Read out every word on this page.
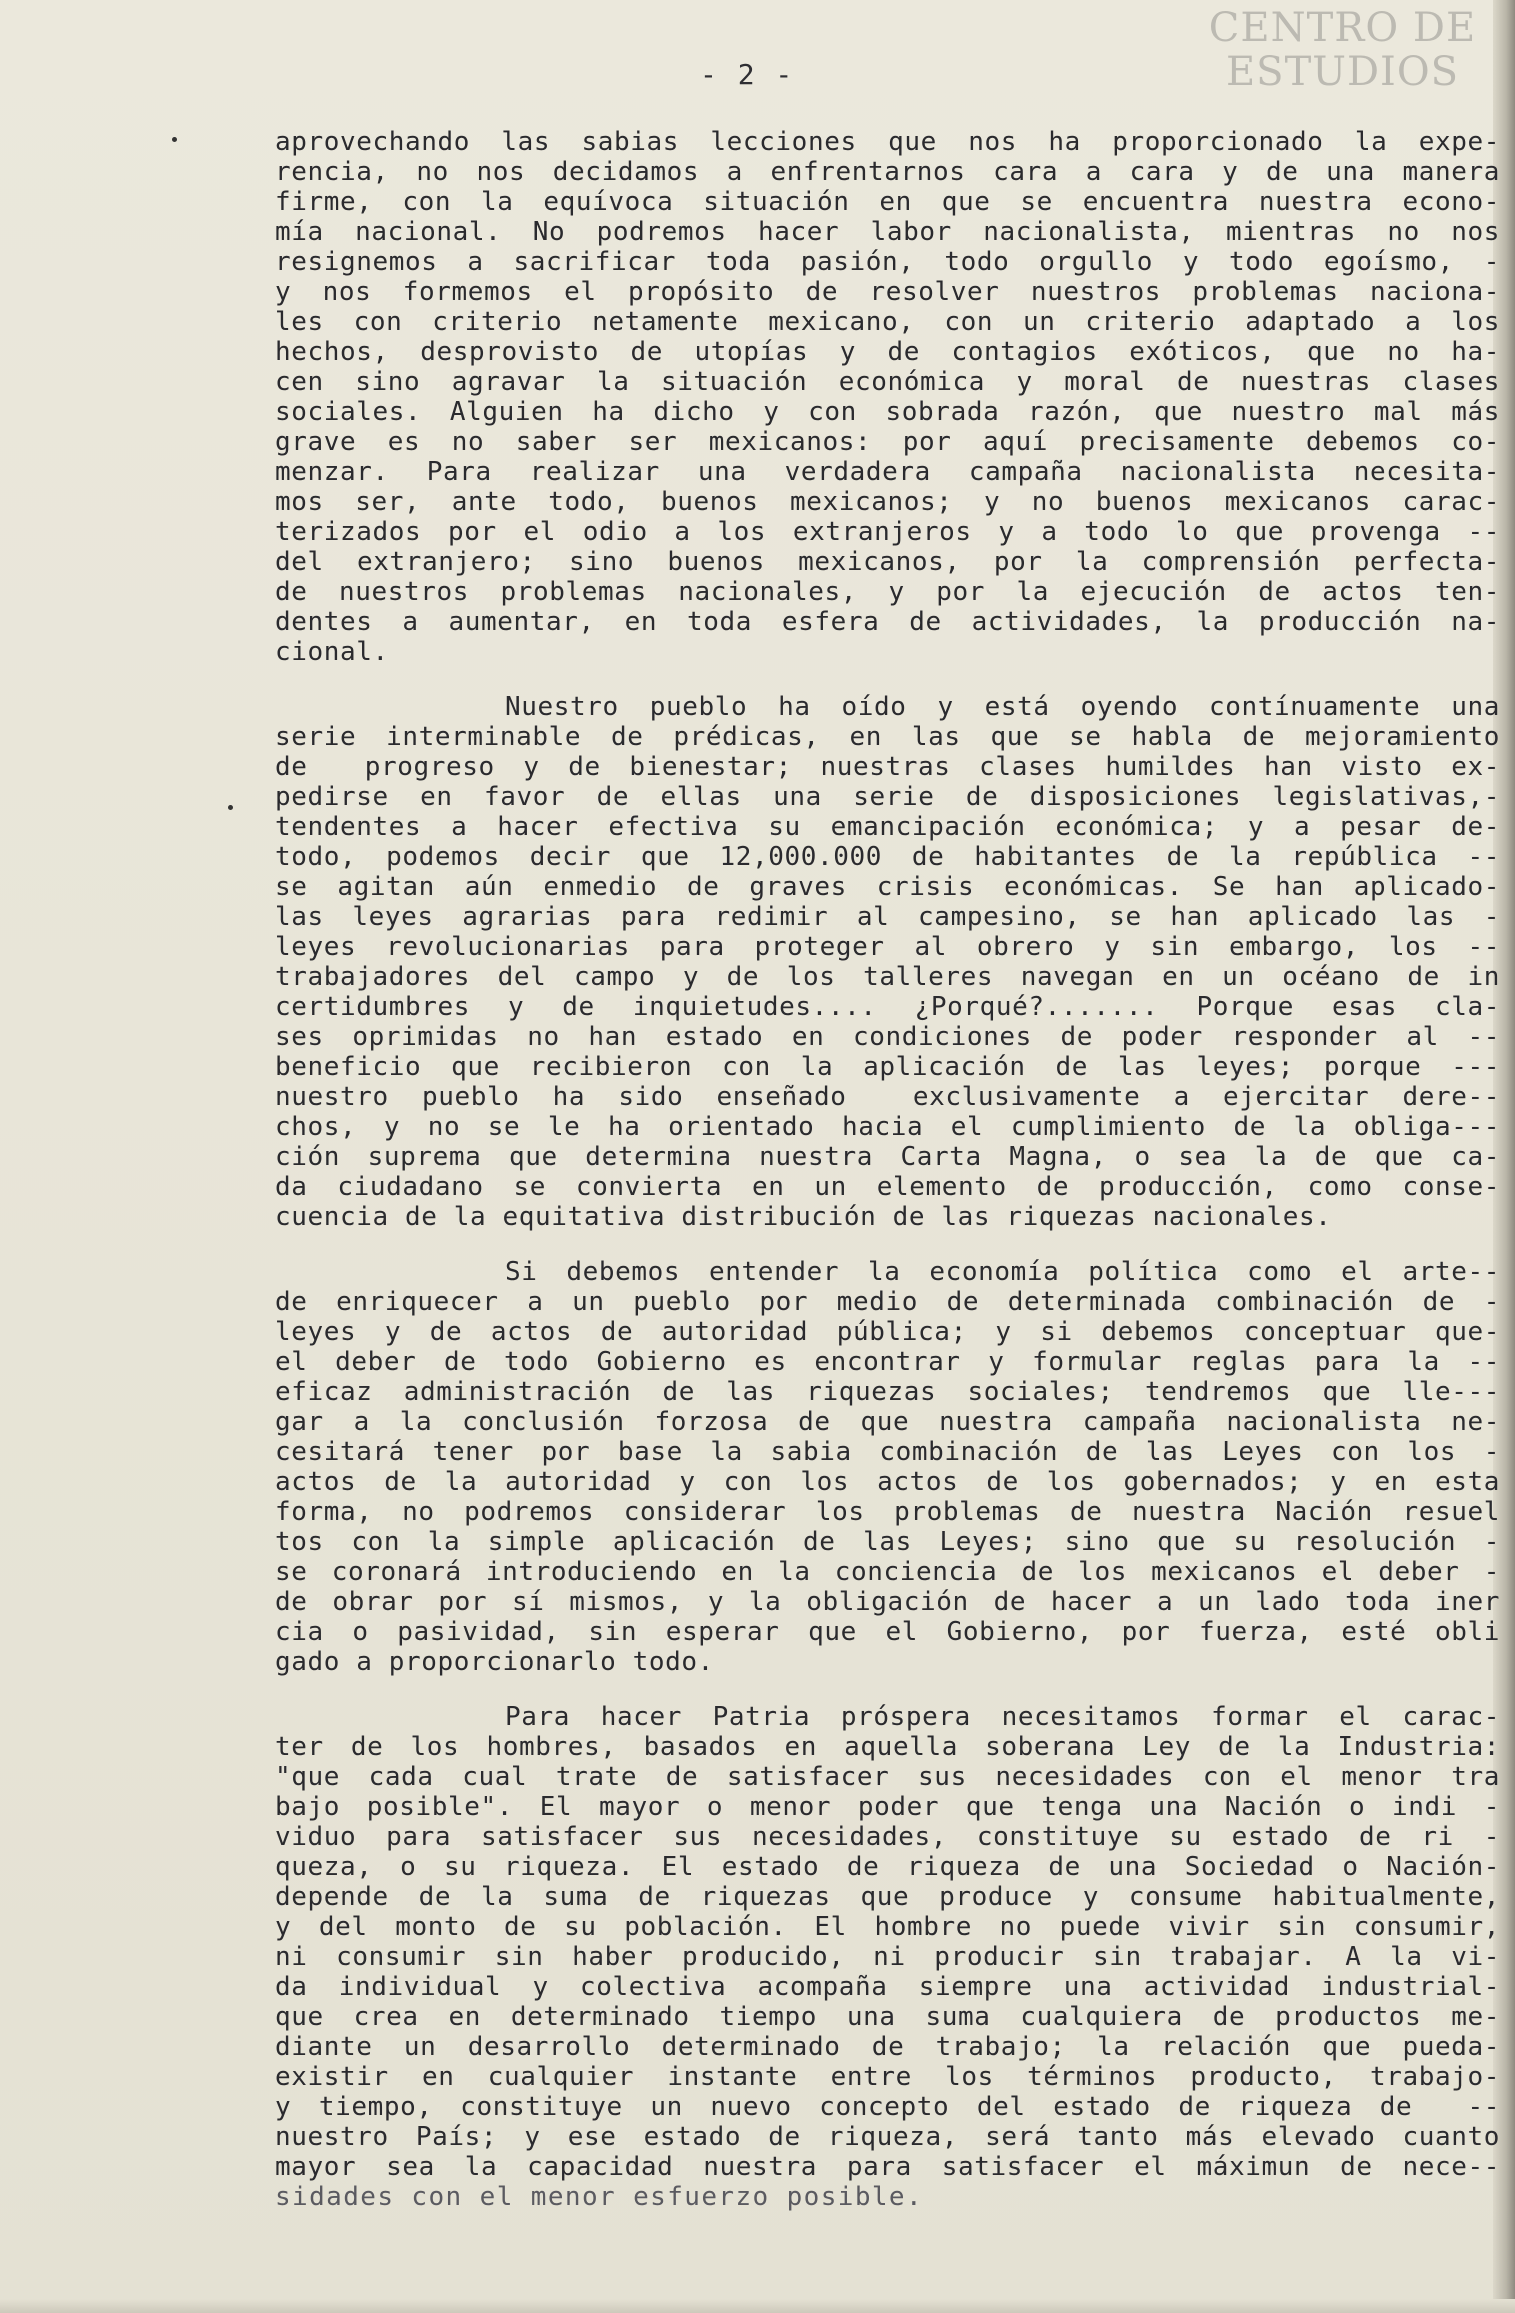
CENTRO DE
ESTUDIOS
- 2 -
aprovechando las sabias lecciones que nos ha proporcionado la expe-
rencia, no nos decidamos a enfrentarnos cara a cara y de una manera
firme, con la equívoca situación en que se encuentra nuestra econo-
mía nacional. No podremos hacer labor nacionalista, mientras no nos
resignemos a sacrificar toda pasión, todo orgullo y todo egoísmo, -
y nos formemos el propósito de resolver nuestros problemas naciona-
les con criterio netamente mexicano, con un criterio adaptado a los
hechos, desprovisto de utopías y de contagios exóticos, que no ha-
cen sino agravar la situación económica y moral de nuestras clases
sociales. Alguien ha dicho y con sobrada razón, que nuestro mal más
grave es no saber ser mexicanos: por aquí precisamente debemos co-
menzar. Para realizar una verdadera campaña nacionalista necesita-
mos ser, ante todo, buenos mexicanos; y no buenos mexicanos carac-
terizados por el odio a los extranjeros y a todo lo que provenga --
del extranjero; sino buenos mexicanos, por la comprensión perfecta-
de nuestros problemas nacionales, y por la ejecución de actos ten-
dentes a aumentar, en toda esfera de actividades, la producción na-
cional.
Nuestro pueblo ha oído y está oyendo contínuamente una
serie interminable de prédicas, en las que se habla de mejoramiento
de  progreso y de bienestar; nuestras clases humildes han visto ex-
pedirse en favor de ellas una serie de disposiciones legislativas,-
tendentes a hacer efectiva su emancipación económica; y a pesar de-
todo, podemos decir que 12,000.000 de habitantes de la república --
se agitan aún enmedio de graves crisis económicas. Se han aplicado-
las leyes agrarias para redimir al campesino, se han aplicado las -
leyes revolucionarias para proteger al obrero y sin embargo, los --
trabajadores del campo y de los talleres navegan en un océano de in
certidumbres y de inquietudes.... ¿Porqué?....... Porque esas cla-
ses oprimidas no han estado en condiciones de poder responder al --
beneficio que recibieron con la aplicación de las leyes; porque ---
nuestro pueblo ha sido enseñado  exclusivamente a ejercitar dere--
chos, y no se le ha orientado hacia el cumplimiento de la obliga---
ción suprema que determina nuestra Carta Magna, o sea la de que ca-
da ciudadano se convierta en un elemento de producción, como conse-
cuencia de la equitativa distribución de las riquezas nacionales.
Si debemos entender la economía política como el arte--
de enriquecer a un pueblo por medio de determinada combinación de -
leyes y de actos de autoridad pública; y si debemos conceptuar que-
el deber de todo Gobierno es encontrar y formular reglas para la --
eficaz administración de las riquezas sociales; tendremos que lle---
gar a la conclusión forzosa de que nuestra campaña nacionalista ne-
cesitará tener por base la sabia combinación de las Leyes con los -
actos de la autoridad y con los actos de los gobernados; y en esta
forma, no podremos considerar los problemas de nuestra Nación resuel
tos con la simple aplicación de las Leyes; sino que su resolución -
se coronará introduciendo en la conciencia de los mexicanos el deber -
de obrar por sí mismos, y la obligación de hacer a un lado toda iner
cia o pasividad, sin esperar que el Gobierno, por fuerza, esté obli
gado a proporcionarlo todo.
Para hacer Patria próspera necesitamos formar el carac-
ter de los hombres, basados en aquella soberana Ley de la Industria:
"que cada cual trate de satisfacer sus necesidades con el menor tra
bajo posible". El mayor o menor poder que tenga una Nación o indi -
viduo para satisfacer sus necesidades, constituye su estado de ri -
queza, o su riqueza. El estado de riqueza de una Sociedad o Nación-
depende de la suma de riquezas que produce y consume habitualmente,
y del monto de su población. El hombre no puede vivir sin consumir,
ni consumir sin haber producido, ni producir sin trabajar. A la vi-
da individual y colectiva acompaña siempre una actividad industrial-
que crea en determinado tiempo una suma cualquiera de productos me-
diante un desarrollo determinado de trabajo; la relación que pueda-
existir en cualquier instante entre los términos producto, trabajo-
y tiempo, constituye un nuevo concepto del estado de riqueza de  --
nuestro País; y ese estado de riqueza, será tanto más elevado cuanto
mayor sea la capacidad nuestra para satisfacer el máximun de nece--
sidades con el menor esfuerzo posible.
